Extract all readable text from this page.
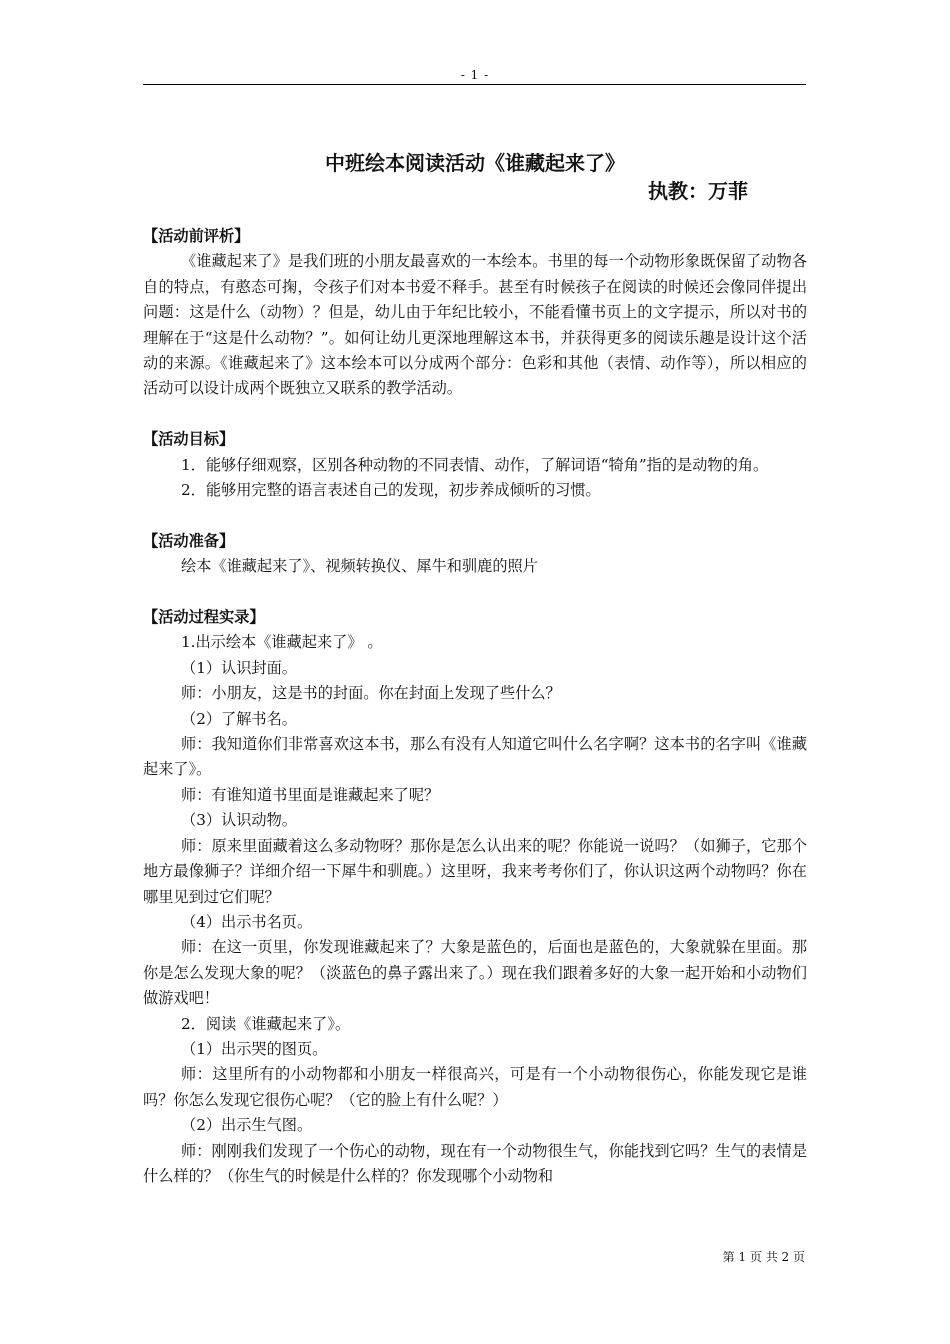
- 1 -
中班绘本阅读活动《谁藏起来了》
执教：万菲

【活动前评析】

《谁藏起来了》是我们班的小朋友最喜欢的一本绘本。书里的每一个动物形象既保留了动物各自的特点，有憨态可掬，令孩子们对本书爱不释手。甚至有时候孩子在阅读的时候还会像同伴提出问题：这是什么（动物）？但是，幼儿由于年纪比较小，不能看懂书页上的文字提示，所以对书的理解在于“这是什么动物？”。如何让幼儿更深地理解这本书，并获得更多的阅读乐趣是设计这个活动的来源。《谁藏起来了》这本绘本可以分成两个部分：色彩和其他（表情、动作等），所以相应的活动可以设计成两个既独立又联系的教学活动。

【活动目标】

1．能够仔细观察，区别各种动物的不同表情、动作，了解词语“犄角”指的是动物的角。

2．能够用完整的语言表述自己的发现，初步养成倾听的习惯。

【活动准备】

绘本《谁藏起来了》、视频转换仪、犀牛和驯鹿的照片

【活动过程实录】

1.出示绘本《谁藏起来了》 。

（1）认识封面。

师：小朋友，这是书的封面。你在封面上发现了些什么？

（2）了解书名。

师：我知道你们非常喜欢这本书，那么有没有人知道它叫什么名字啊？这本书的名字叫《谁藏起来了》。

师：有谁知道书里面是谁藏起来了呢？

（3）认识动物。

师：原来里面藏着这么多动物呀？那你是怎么认出来的呢？你能说一说吗？（如狮子，它那个地方最像狮子？详细介绍一下犀牛和驯鹿。）这里呀，我来考考你们了，你认识这两个动物吗？你在哪里见到过它们呢？

（4）出示书名页。

师：在这一页里，你发现谁藏起来了？大象是蓝色的，后面也是蓝色的，大象就躲在里面。那你是怎么发现大象的呢？（淡蓝色的鼻子露出来了。）现在我们跟着多好的大象一起开始和小动物们做游戏吧！

2．阅读《谁藏起来了》。

（1）出示哭的图页。

师：这里所有的小动物都和小朋友一样很高兴，可是有一个小动物很伤心，你能发现它是谁吗？你怎么发现它很伤心呢？（它的脸上有什么呢？）

（2）出示生气图。

师：刚刚我们发现了一个伤心的动物，现在有一个动物很生气，你能找到它吗？生气的表情是什么样的？（你生气的时候是什么样的？你发现哪个小动物和

第 1 页 共 2 页
